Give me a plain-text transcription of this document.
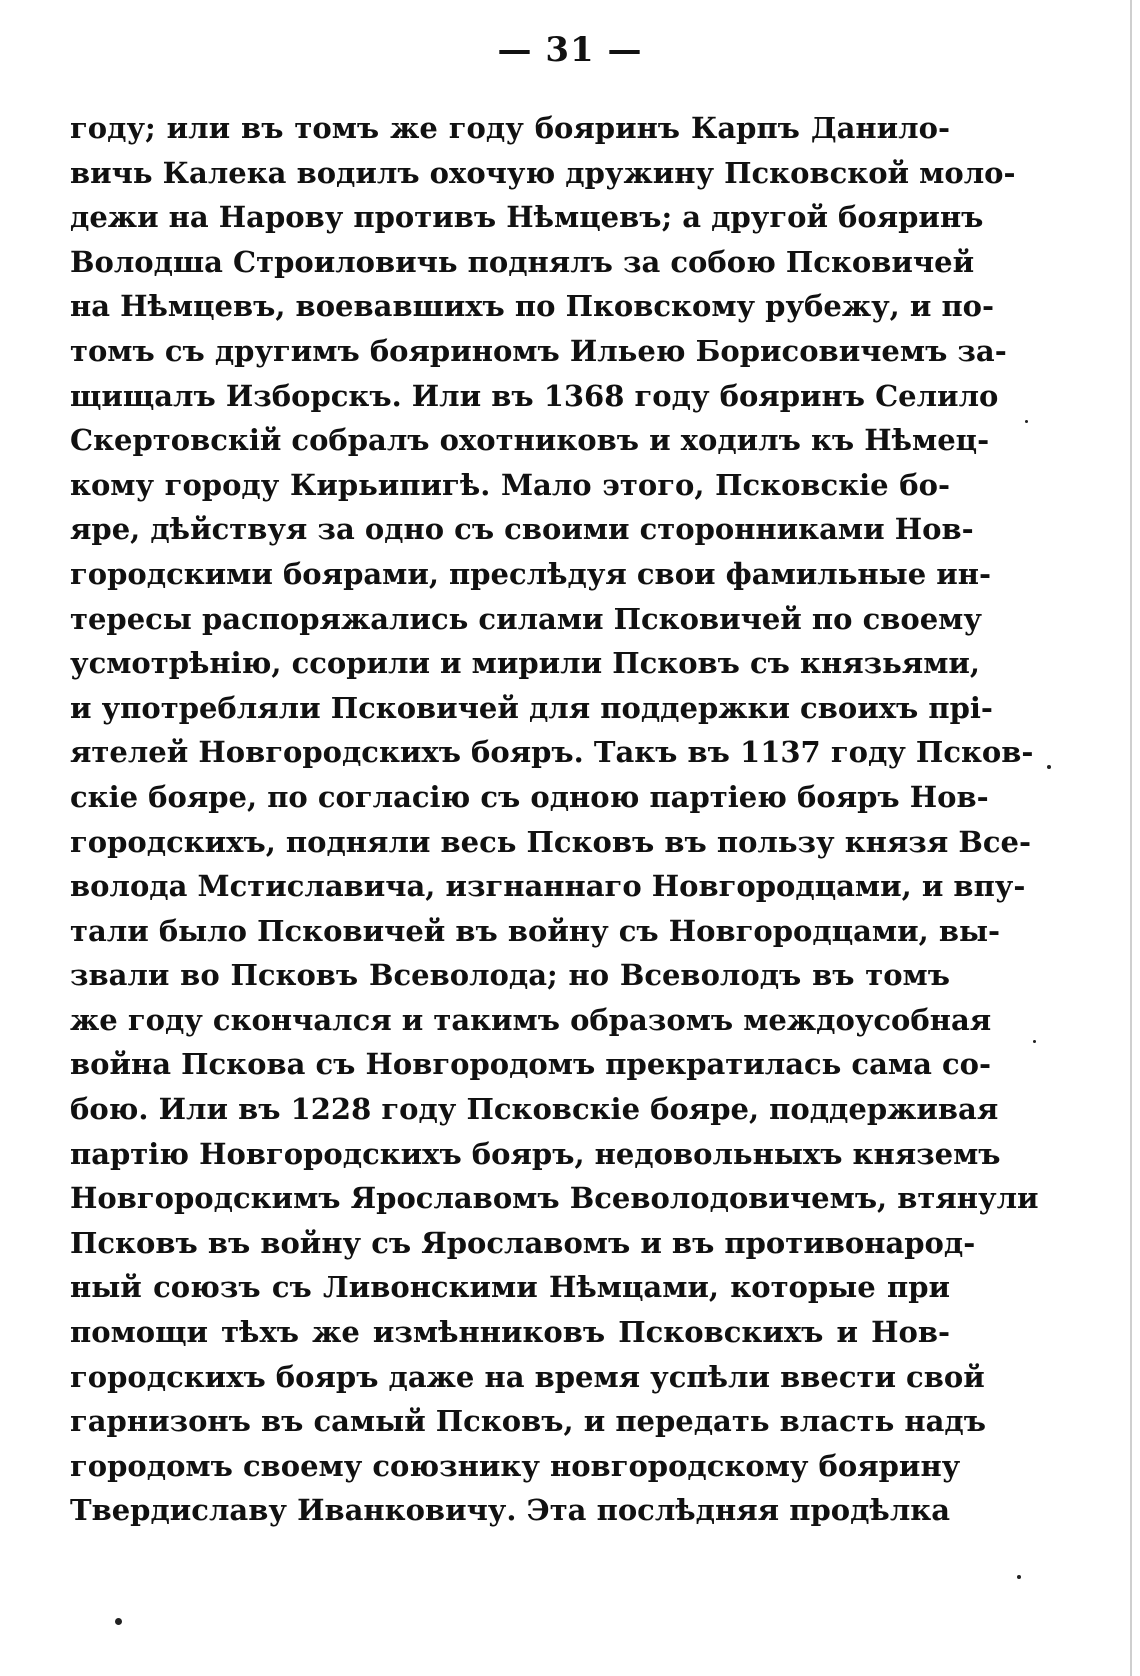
— 31 —
году; или въ томъ же году бояринъ Карпъ Данило-
вичь Калека водилъ охочую дружину Псковской моло-
дежи на Нарову противъ Нѣмцевъ; а другой бояринъ
Володша Строиловичь поднялъ за собою Псковичей
на Нѣмцевъ, воевавшихъ по Пковскому рубежу, и по-
томъ съ другимъ бояриномъ Ильею Борисовичемъ за-
щищалъ Изборскъ. Или въ 1368 году бояринъ Селило
Скертовскій собралъ охотниковъ и ходилъ къ Нѣмец-
кому городу Кирьипигѣ. Мало этого, Псковскіе бо-
яре, дѣйствуя за одно съ своими сторонниками Нов-
городскими боярами, преслѣдуя свои фамильные ин-
тересы распоряжались силами Псковичей по своему
усмотрѣнію, ссорили и мирили Псковъ съ князьями,
и употребляли Псковичей для поддержки своихъ прі-
ятелей Новгородскихъ бояръ. Такъ въ 1137 году Псков-
скіе бояре, по согласію съ одною партіею бояръ Нов-
городскихъ, подняли весь Псковъ въ пользу князя Все-
волода Мстиславича, изгнаннаго Новгородцами, и впу-
тали было Псковичей въ войну съ Новгородцами, вы-
звали во Псковъ Всеволода; но Всеволодъ въ томъ
же году скончался и такимъ образомъ междоусобная
война Пскова съ Новгородомъ прекратилась сама со-
бою. Или въ 1228 году Псковскіе бояре, поддерживая
партію Новгородскихъ бояръ, недовольныхъ княземъ
Новгородскимъ Ярославомъ Всеволодовичемъ, втянули
Псковъ въ войну съ Ярославомъ и въ противонарод-
ный союзъ съ Ливонскими Нѣмцами, которые при
помощи тѣхъ же измѣнниковъ Псковскихъ и Нов-
городскихъ бояръ даже на время успѣли ввести свой
гарнизонъ въ самый Псковъ, и передать власть надъ
городомъ своему союзнику новгородскому боярину
Твердиславу Иванковичу. Эта послѣдняя продѣлка
